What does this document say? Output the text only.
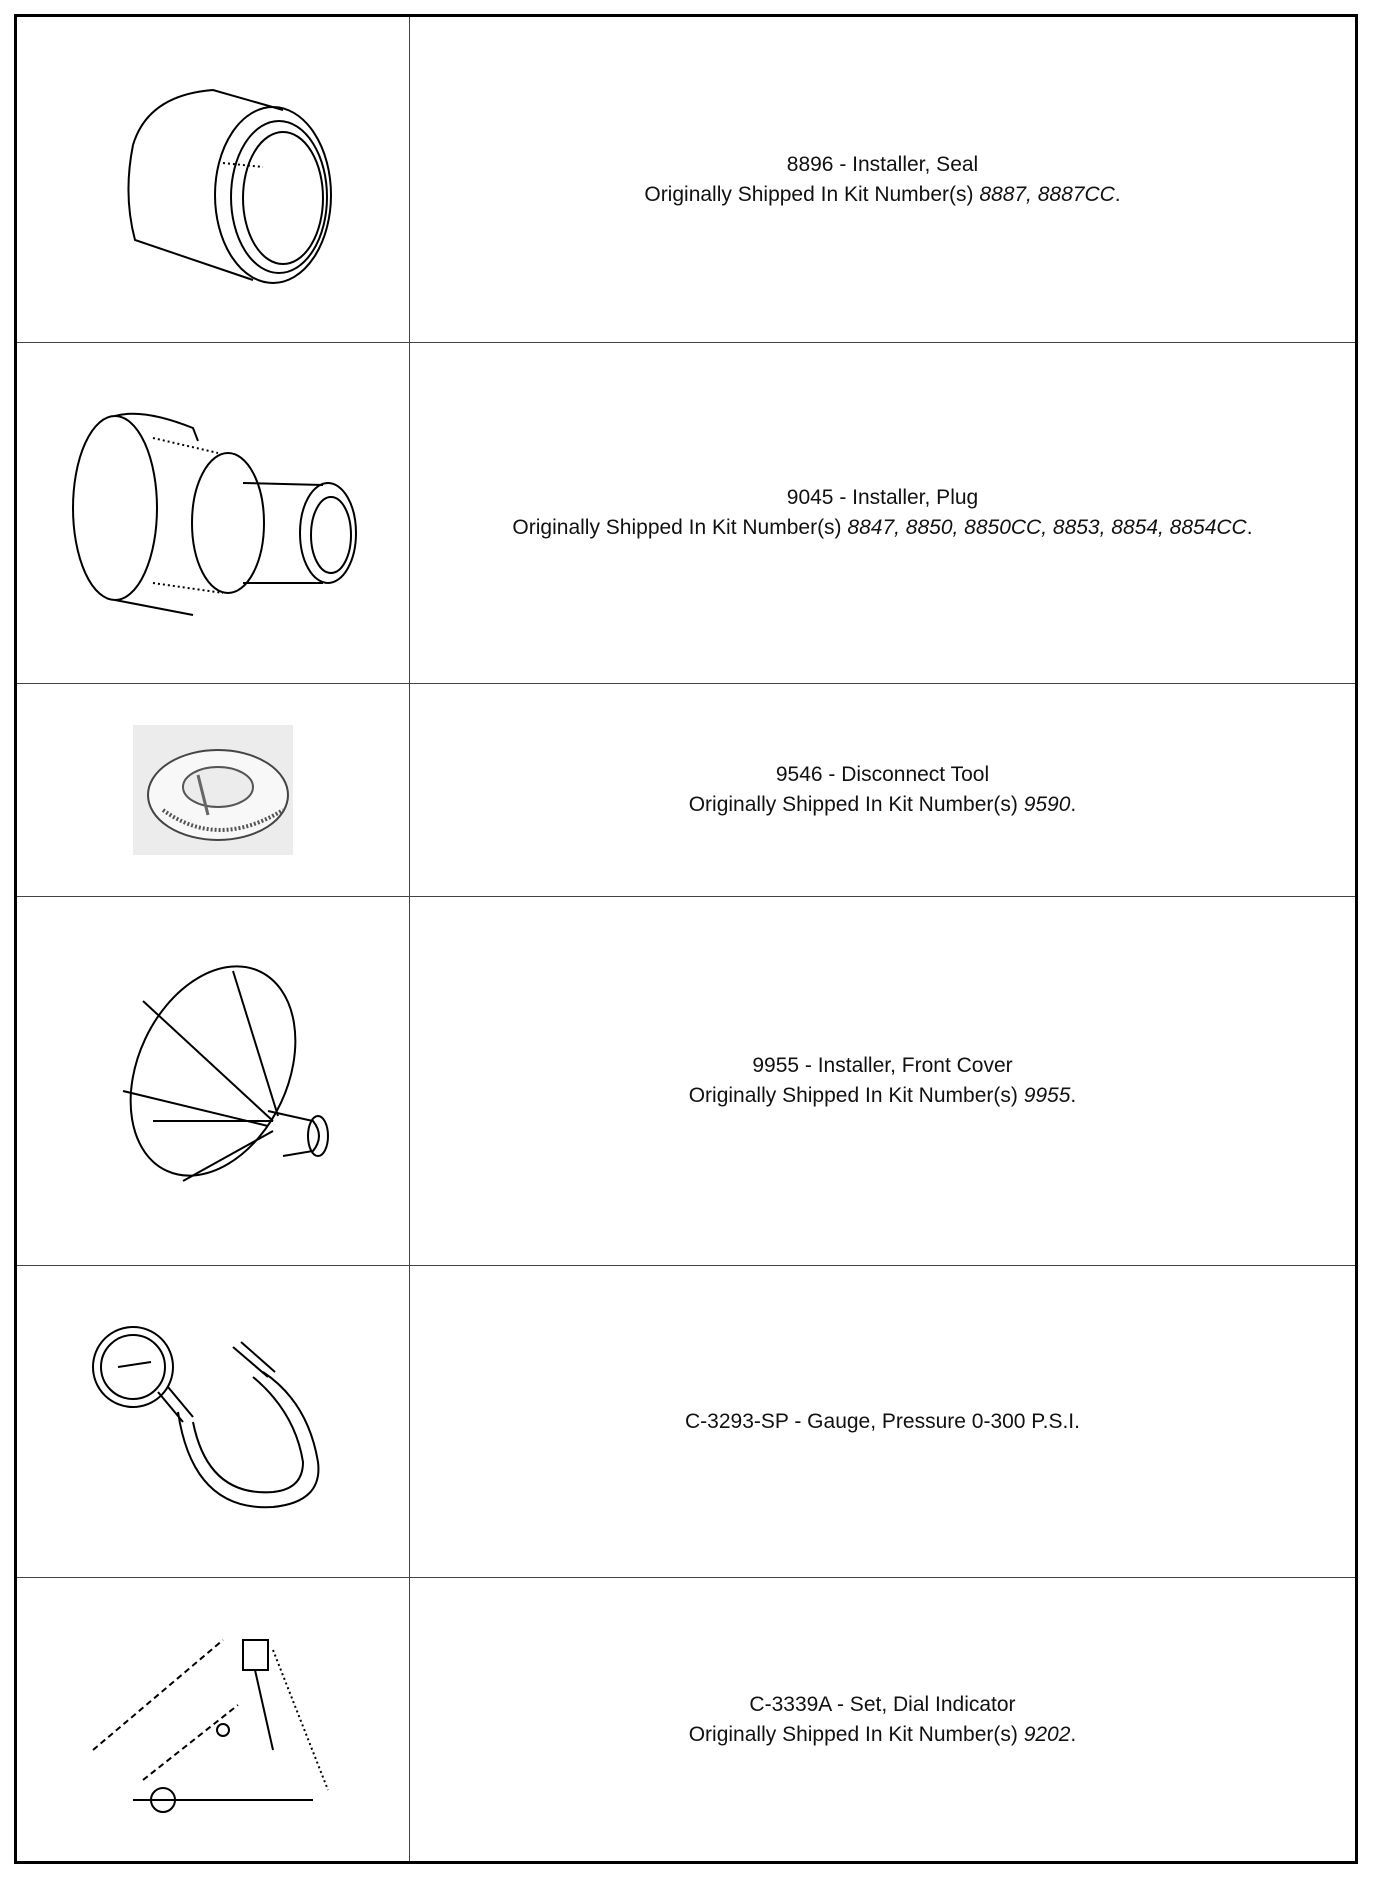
8896 - Installer, Seal
Originally Shipped In Kit Number(s) 8887, 8887CC .

9045 - Installer, Plug
Originally Shipped In Kit Number(s) 8847, 8850, 8850CC, 8853, 8854, 8854CC .

9546 - Disconnect Tool
Originally Shipped In Kit Number(s) 9590 .

9955 - Installer, Front Cover
Originally Shipped In Kit Number(s) 9955 .

C-3293-SP - Gauge, Pressure 0-300 P.S.I.

C-3339A - Set, Dial Indicator
Originally Shipped In Kit Number(s) 9202 .
